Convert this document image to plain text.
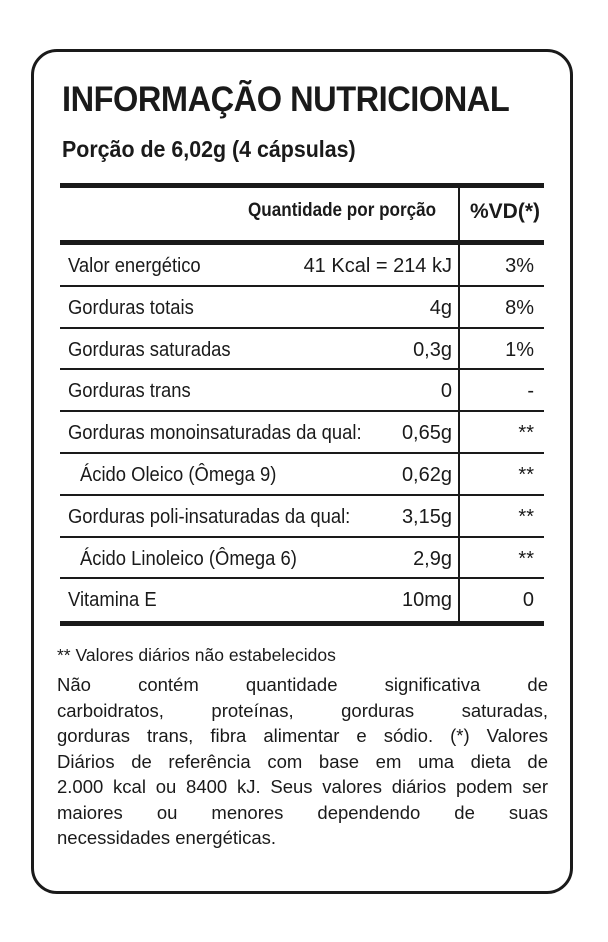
INFORMAÇÃO NUTRICIONAL
Porção de 6,02g (4 cápsulas)
Quantidade por porção %VD(*)
Valor energético	41 Kcal = 214 kJ	3%
Gorduras totais	4g	8%
Gorduras saturadas	0,3g	1%
Gorduras trans	0	-
Gorduras monoinsaturadas da qual: 0,65g	**
Ácido Oleico (Ômega 9)	0,62g	**
Gorduras poli-insaturadas da qual:	3,15g	**
Ácido Linoleico (Ômega 6)	2,9g	**
Vitamina E	10mg	0
** Valores diários não estabelecidos
Não contém quantidade significativa de
carboidratos, proteínas, gorduras saturadas,
gorduras trans, fibra alimentar e sódio. (*) Valores
Diários de referência com base em uma dieta de
2.000 kcal ou 8400 kJ. Seus valores diários podem ser
maiores ou menores dependendo de suas
necessidades energéticas.
